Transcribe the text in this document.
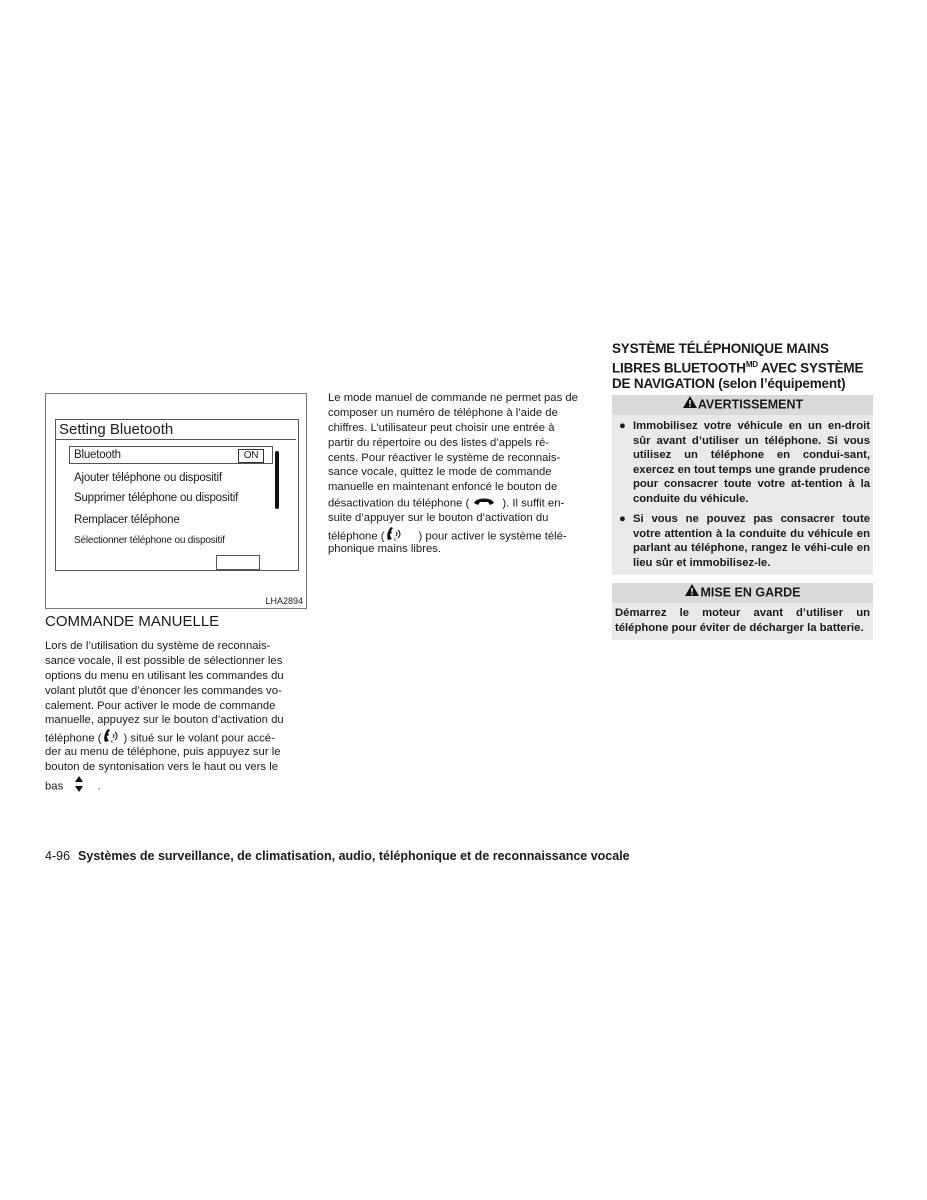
Setting Bluetooth
Bluetooth	ON
Ajouter téléphone ou dispositif
Supprimer téléphone ou dispositif
Remplacer téléphone
Sélectionner téléphone ou dispositif
LHA2894
COMMANDE MANUELLE
Lors de l’utilisation du système de reconnais-
sance vocale, il est possible de sélectionner les
options du menu en utilisant les commandes du
volant plutôt que d’énoncer les commandes vo-
calement. Pour activer le mode de commande
manuelle, appuyez sur le bouton d’activation du
téléphone ( c ) situé sur le volant pour accé-
der au menu de téléphone, puis appuyez sur le
bouton de syntonisation vers le haut ou vers le
bas	.
Le mode manuel de commande ne permet pas de
composer un numéro de téléphone à l’aide de
chiffres. L’utilisateur peut choisir une entrée à
partir du répertoire ou des listes d’appels ré-
cents. Pour réactiver le système de reconnais-
sance vocale, quittez le mode de commande
manuelle en maintenant enfoncé le bouton de
désactivation du téléphone (	). Il suffit en-
suite d’appuyer sur le bouton d’activation du
téléphone ( c ) pour activer le système télé-
phonique mains libres.
SYSTÈME TÉLÉPHONIQUE MAINS
LIBRES $BLUETOOTH^{MD}$ AVEC SYSTÈME
DE NAVIGATION (selon l’équipement)
AVERTISSEMENT
● Immobilisez votre véhicule en un en-droit sûr avant d’utiliser un téléphone. Si vous utilisez un téléphone en condui-sant, exercez en tout temps une grande prudence pour consacrer toute votre at-tention à la conduite du véhicule.
● Si vous ne pouvez pas consacrer toute votre attention à la conduite du véhicule en parlant au téléphone, rangez le véhi-cule en lieu sûr et immobilisez-le.
MISE EN GARDE
Démarrez le moteur avant d’utiliser un téléphone pour éviter de décharger la batterie.
4-96 Systèmes de surveillance, de climatisation, audio, téléphonique et de reconnaissance vocale
